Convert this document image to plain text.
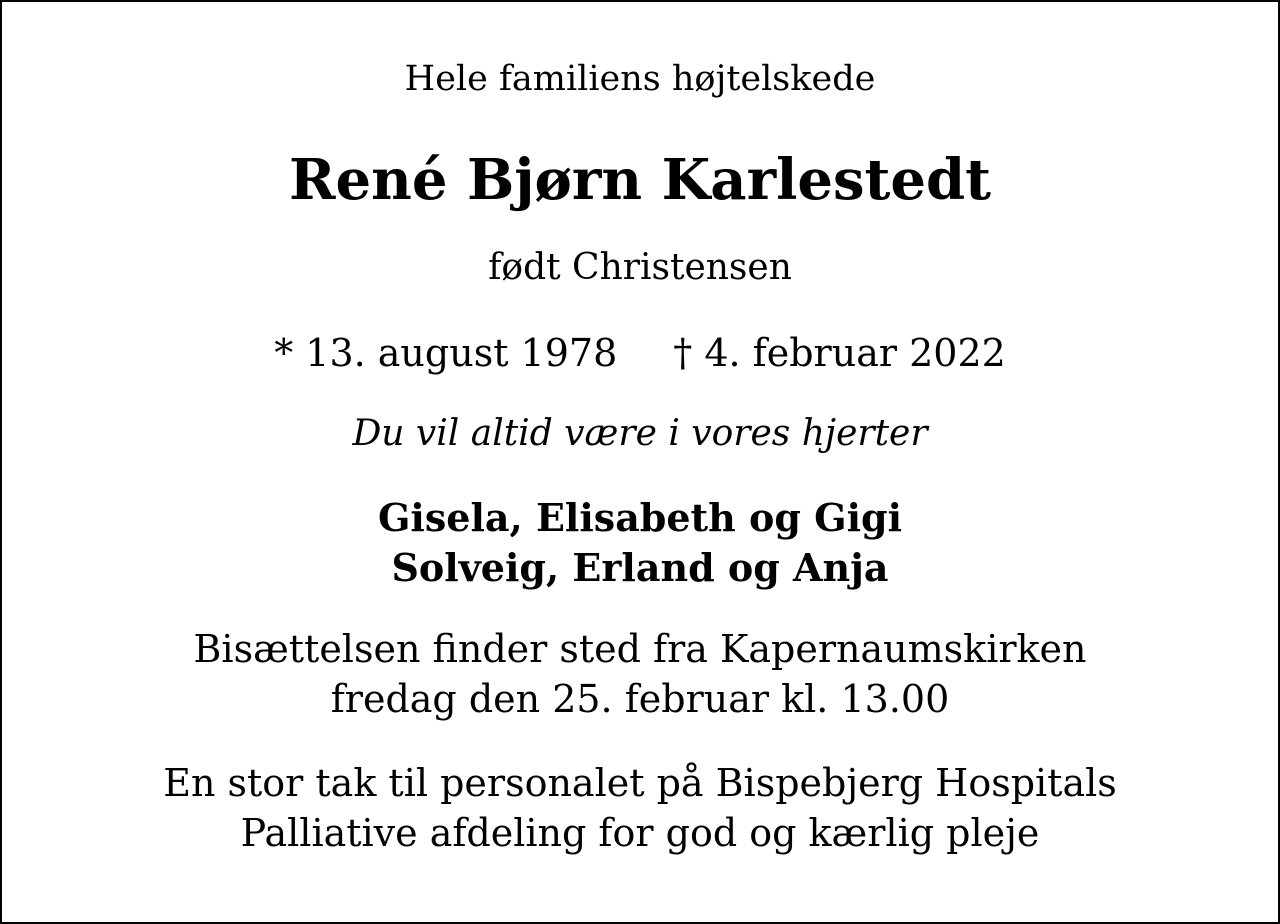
Hele familiens højtelskede
René Bjørn Karlestedt
født Christensen
* 13. august 1978 † 4. februar 2022
Du vil altid være i vores hjerter
Gisela, Elisabeth og Gigi
Solveig, Erland og Anja
Bisættelsen finder sted fra Kapernaumskirken
fredag den 25. februar kl. 13.00
En stor tak til personalet på Bispebjerg Hospitals
Palliative afdeling for god og kærlig pleje
